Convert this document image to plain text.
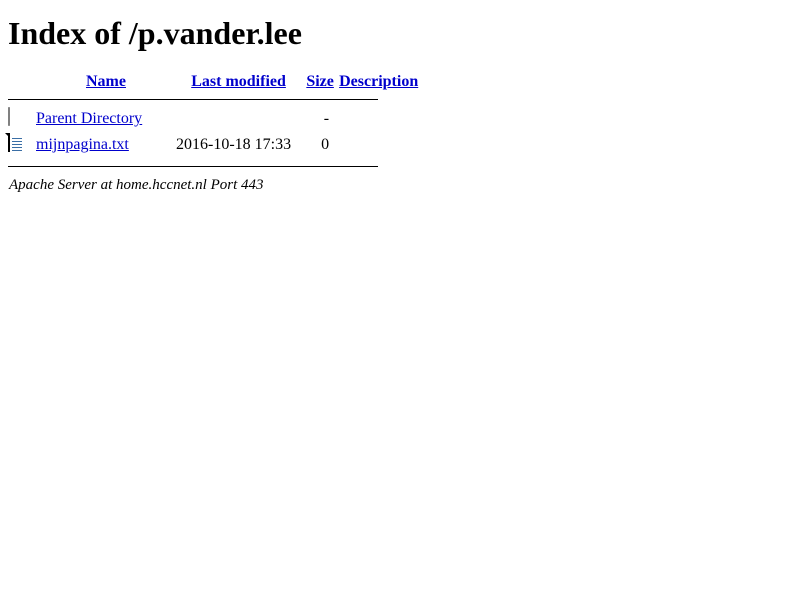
Index of /p.vander.lee
	Name	Last modified	Size	Description

	Parent Directory		-	

	mijnpagina.txt	2016-10-18 17:33	0	

Apache Server at home.hccnet.nl Port 443
